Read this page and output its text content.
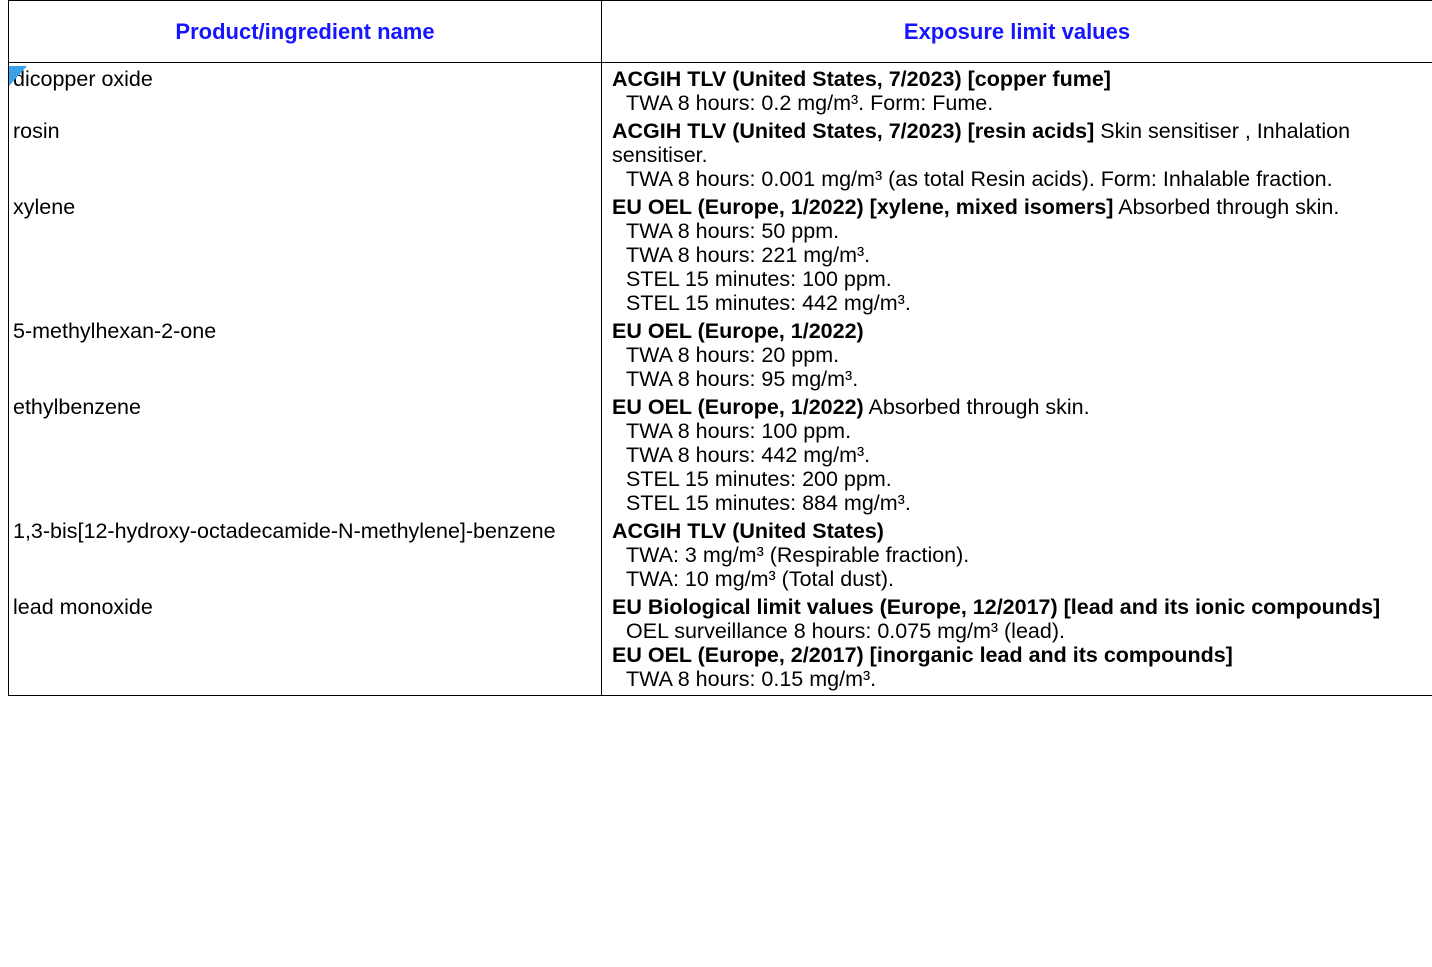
Product/ingredient name	Exposure limit values

dicopper oxide	ACGIH TLV (United States, 7/2023) [copper fume]
TWA 8 hours: 0.2 mg/m³. Form: Fume.

rosin	ACGIH TLV (United States, 7/2023) [resin acids] Skin sensitiser , Inhalation sensitiser.
TWA 8 hours: 0.001 mg/m³ (as total Resin acids). Form: Inhalable fraction.

xylene	EU OEL (Europe, 1/2022) [xylene, mixed isomers] Absorbed through skin.
TWA 8 hours: 50 ppm.
TWA 8 hours: 221 mg/m³.
STEL 15 minutes: 100 ppm.
STEL 15 minutes: 442 mg/m³.

5-methylhexan-2-one	EU OEL (Europe, 1/2022)
TWA 8 hours: 20 ppm.
TWA 8 hours: 95 mg/m³.

ethylbenzene	EU OEL (Europe, 1/2022) Absorbed through skin.
TWA 8 hours: 100 ppm.
TWA 8 hours: 442 mg/m³.
STEL 15 minutes: 200 ppm.
STEL 15 minutes: 884 mg/m³.

1,3-bis[12-hydroxy-octadecamide-N-methylene]-benzene	ACGIH TLV (United States)
TWA: 3 mg/m³ (Respirable fraction).
TWA: 10 mg/m³ (Total dust).

lead monoxide	EU Biological limit values (Europe, 12/2017) [lead and its ionic compounds]
OEL surveillance 8 hours: 0.075 mg/m³ (lead).
EU OEL (Europe, 2/2017) [inorganic lead and its compounds]
TWA 8 hours: 0.15 mg/m³.
